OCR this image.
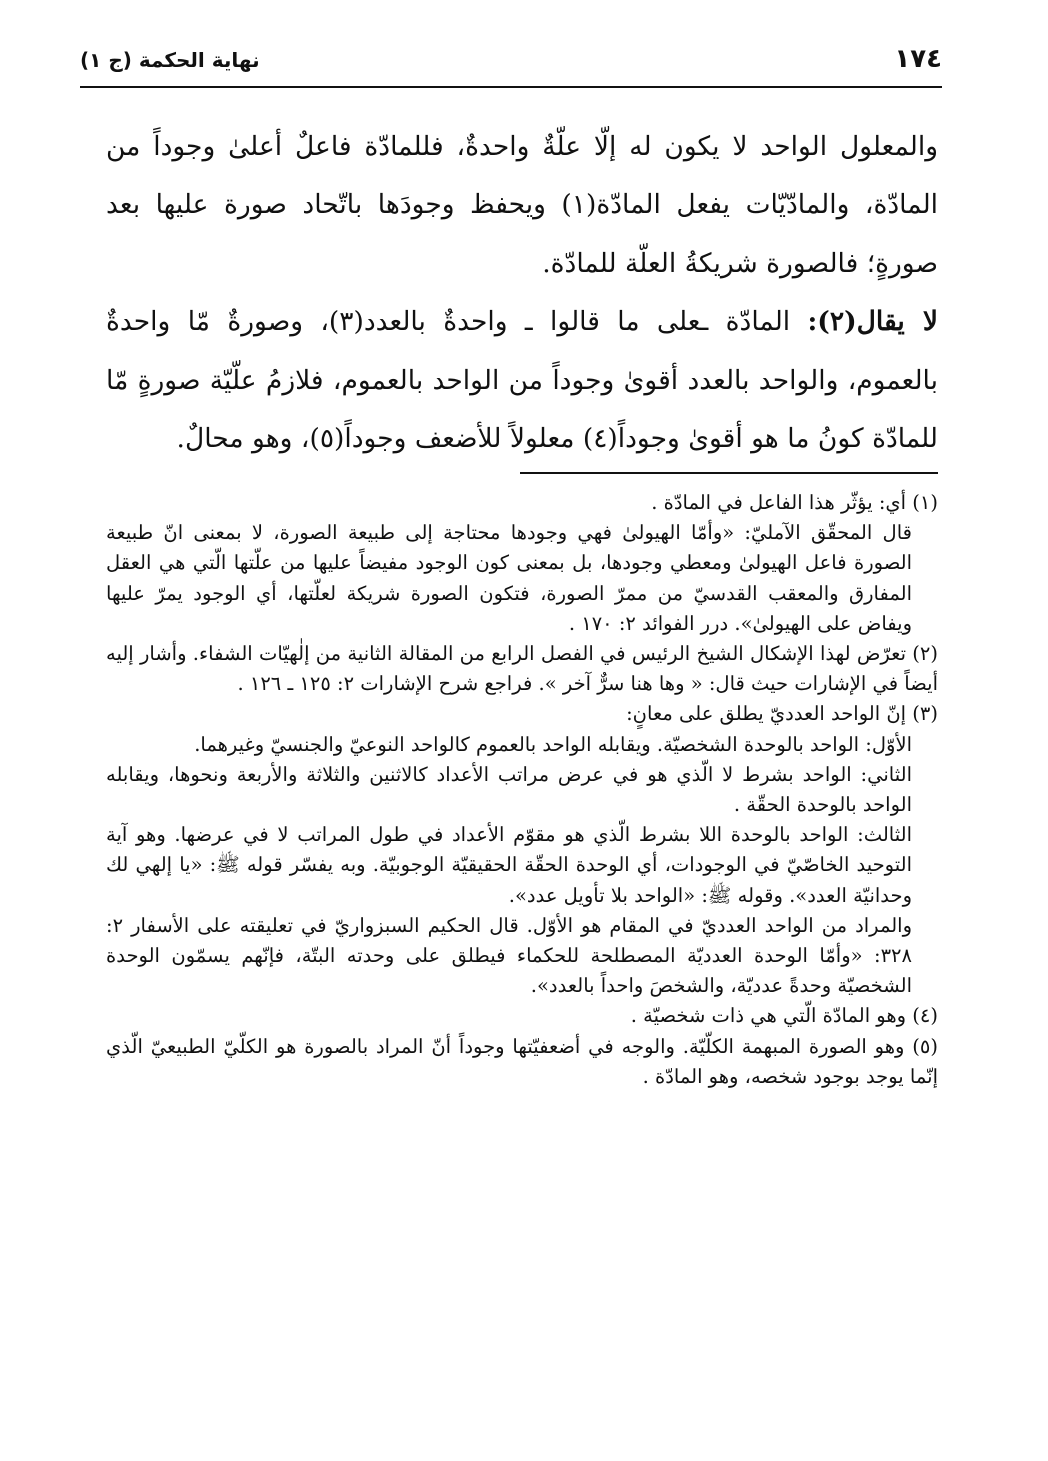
١٧٤
نهاية الحكمة (ج ١)

والمعلول الواحد لا يكون له إلّا علّةٌ واحدةٌ، فللمادّة فاعلٌ أعلىٰ وجوداً من المادّة، والمادّيّات يفعل المادّة(١) ويحفظ وجودَها باتّحاد صورة عليها بعد صورةٍ؛ فالصورة شريكةُ العلّة للمادّة.

لا يقال(٢): المادّة ـعلى ما قالوا ـ واحدةٌ بالعدد(٣)، وصورةٌ مّا واحدةٌ بالعموم، والواحد بالعدد أقوىٰ وجوداً من الواحد بالعموم، فلازمُ علّيّة صورةٍ مّا للمادّة كونُ ما هو أقوىٰ وجوداً(٤) معلولاً للأضعف وجوداً(٥)، وهو محالٌ.

(١) أي: يؤثّر هذا الفاعل في المادّة .

قال المحقّق الآمليّ: «وأمّا الهيولىٰ فهي وجودها محتاجة إلى طبيعة الصورة، لا بمعنى انّ طبيعة الصورة فاعل الهيولىٰ ومعطي وجودها، بل بمعنى كون الوجود مفيضاً عليها من علّتها الّتي هي العقل المفارق والمعقب القدسيّ من ممرّ الصورة، فتكون الصورة شريكة لعلّتها، أي الوجود يمرّ عليها ويفاض على الهيولىٰ». درر الفوائد ٢: ١٧٠ .

(٢) تعرّض لهذا الإشكال الشيخ الرئيس في الفصل الرابع من المقالة الثانية من إلٰهيّات الشفاء. وأشار إليه أيضاً في الإشارات حيث قال: « وها هنا سرٌّ آخر ». فراجع شرح الإشارات ٢: ١٢٥ ـ ١٢٦ .

(٣) إنّ الواحد العدديّ يطلق على معانٍ:

الأوّل: الواحد بالوحدة الشخصيّة. ويقابله الواحد بالعموم كالواحد النوعيّ والجنسيّ وغيرهما.

الثاني: الواحد بشرط لا الّذي هو في عرض مراتب الأعداد كالاثنين والثلاثة والأربعة ونحوها، ويقابله الواحد بالوحدة الحقّة .

الثالث: الواحد بالوحدة اللا بشرط الّذي هو مقوّم الأعداد في طول المراتب لا في عرضها. وهو آية التوحيد الخاصّيّ في الوجودات، أي الوحدة الحقّة الحقيقيّة الوجوبيّة. وبه يفسّر قوله ﷺ: «يا إلهي لك وحدانيّة العدد». وقوله ﷺ: «الواحد بلا تأويل عدد».

والمراد من الواحد العدديّ في المقام هو الأوّل. قال الحكيم السبزواريّ في تعليقته على الأسفار ٢: ٣٢٨: «وأمّا الوحدة العدديّة المصطلحة للحكماء فيطلق على وحدته البتّة، فإنّهم يسمّون الوحدة الشخصيّة وحدةً عدديّة، والشخصَ واحداً بالعدد».

(٤) وهو المادّة الّتي هي ذات شخصيّة .

(٥) وهو الصورة المبهمة الكلّيّة. والوجه في أضعفيّتها وجوداً أنّ المراد بالصورة هو الكلّيّ الطبيعيّ الّذي إنّما يوجد بوجود شخصه، وهو المادّة .
